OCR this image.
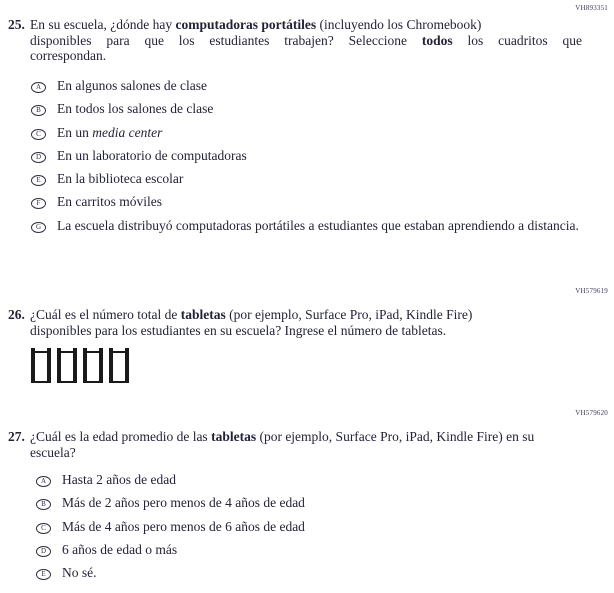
VH893351
VH579619
VH579620
25. En su escuela, ¿dónde hay computadoras portátiles (incluyendo los Chromebook)
disponibles para que los estudiantes trabajen? Seleccione todos los cuadritos que
correspondan.
A En algunos salones de clase
B En todos los salones de clase
C En un media center
D En un laboratorio de computadoras
E En la biblioteca escolar
F En carritos móviles
G La escuela distribuyó computadoras portátiles a estudiantes que estaban aprendiendo a distancia.
26. ¿Cuál es el número total de tabletas (por ejemplo, Surface Pro, iPad, Kindle Fire)
disponibles para los estudiantes en su escuela? Ingrese el número de tabletas.
27. ¿Cuál es la edad promedio de las tabletas (por ejemplo, Surface Pro, iPad, Kindle Fire) en su
escuela?
A Hasta 2 años de edad
B Más de 2 años pero menos de 4 años de edad
C Más de 4 años pero menos de 6 años de edad
D 6 años de edad o más
E No sé.
